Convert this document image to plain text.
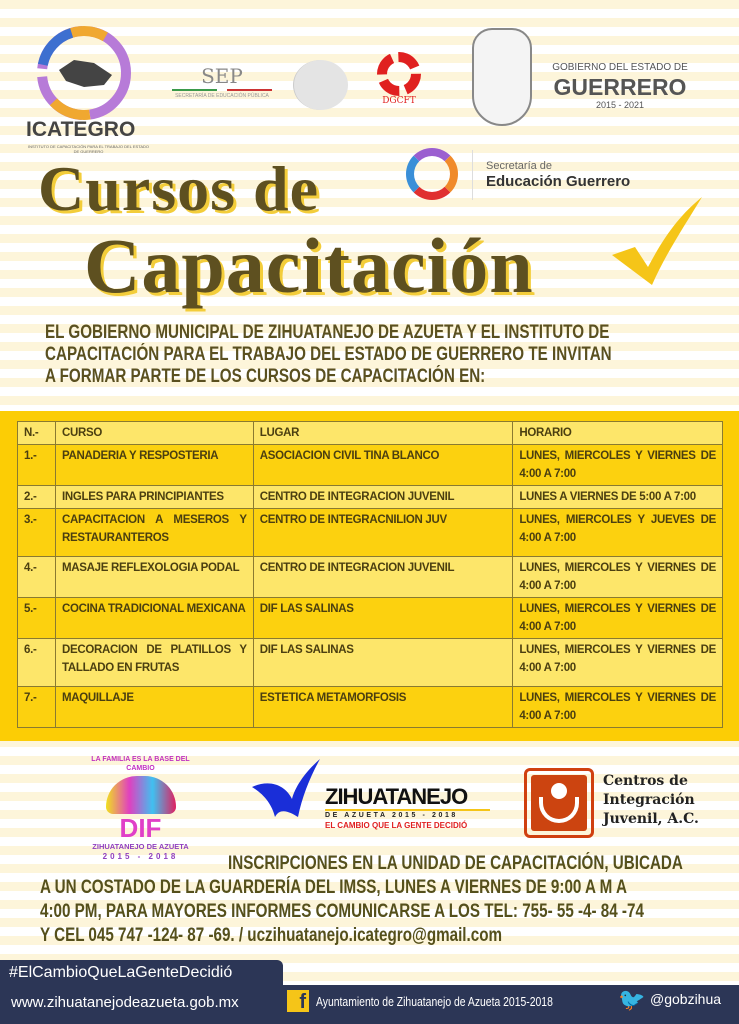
ICATEGRO
INSTITUTO DE CAPACITACIÓN PARA EL TRABAJO DEL ESTADO DE GUERRERO
SEP
SECRETARÍA DE EDUCACIÓN PÚBLICA	DGCFT
GOBIERNO DEL ESTADO DE
GUERRERO
2015 - 2021
Secretaría de
Educación Guerrero
Cursos de
Capacitación
EL GOBIERNO MUNICIPAL DE ZIHUATANEJO DE AZUETA Y EL INSTITUTO DE
CAPACITACIÓN PARA EL TRABAJO DEL ESTADO DE GUERRERO TE INVITAN
A FORMAR PARTE DE LOS CURSOS DE CAPACITACIÓN EN:
N.-	CURSO	LUGAR	HORARIO
1.-	PANADERIA Y RESPOSTERIA	ASOCIACION CIVIL TINA BLANCO	LUNES, MIERCOLES Y VIERNES DE 4:00 A 7:00
2.-	INGLES PARA PRINCIPIANTES	CENTRO DE INTEGRACION JUVENIL	LUNES A VIERNES DE 5:00 A 7:00
3.-	CAPACITACION A MESEROS Y RESTAURANTEROS	CENTRO DE INTEGRACNILION JUV	LUNES, MIERCOLES Y JUEVES DE 4:00 A 7:00
4.-	MASAJE REFLEXOLOGIA PODAL	CENTRO DE INTEGRACION JUVENIL	LUNES, MIERCOLES Y VIERNES DE 4:00 A 7:00
5.-	COCINA TRADICIONAL MEXICANA	DIF LAS SALINAS	LUNES, MIERCOLES Y VIERNES DE 4:00 A 7:00
6.-	DECORACION DE PLATILLOS Y TALLADO EN FRUTAS	DIF LAS SALINAS	LUNES, MIERCOLES Y VIERNES DE 4:00 A 7:00
7.-	MAQUILLAJE	ESTETICA METAMORFOSIS	LUNES, MIERCOLES Y VIERNES DE 4:00 A 7:00
LA FAMILIA ES LA BASE DEL CAMBIO
DIF
ZIHUATANEJO DE AZUETA
2015 - 2018
ZIHUATANEJO
DE AZUETA 2015 - 2018
EL CAMBIO QUE LA GENTE DECIDIÓ
Centros de
Integración
Juvenil, A.C.
INSCRIPCIONES EN LA UNIDAD DE CAPACITACIÓN, UBICADA
A UN COSTADO DE LA GUARDERÍA DEL IMSS, LUNES A VIERNES DE 9:00 A M A
4:00 PM, PARA MAYORES INFORMES COMUNICARSE A LOS TEL: 755- 55 -4- 84 -74
Y CEL 045 747 -124- 87 -69. / uczihuatanejo.icategro@gmail.com
#ElCambioQueLaGenteDecidió
www.zihuatanejodeazueta.gob.mx	f Ayuntamiento de Zihuatanejo de Azueta 2015-2018	🐦 @gobzihua
